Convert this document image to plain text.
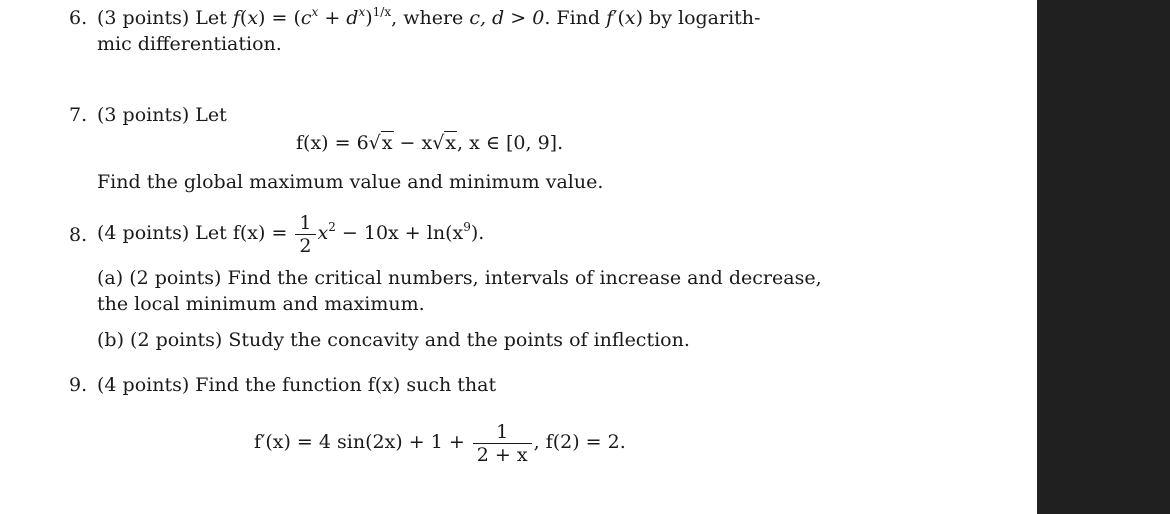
6. (3 points) Let $f(x) = (c^x + d^x)^{1/x}$, where c, d > 0. Find f′(x) by logarith-
mic differentiation.
7. (3 points) Let
f(x) = 6√x − x√x, x ∈ [0, 9].
Find the global maximum value and minimum value.
8. (4 points) Let $f(x) = \frac{1}{2} x^2 - 10x + \ln(x^9)$.
(a) (2 points) Find the critical numbers, intervals of increase and decrease,
the local minimum and maximum.
(b) (2 points) Study the concavity and the points of inflection.
9. (4 points) Find the function f(x) such that
f′(x) = 4 $\sin(2x) + 1 + \frac{1}{2 + x}$ , f(2) = 2.
